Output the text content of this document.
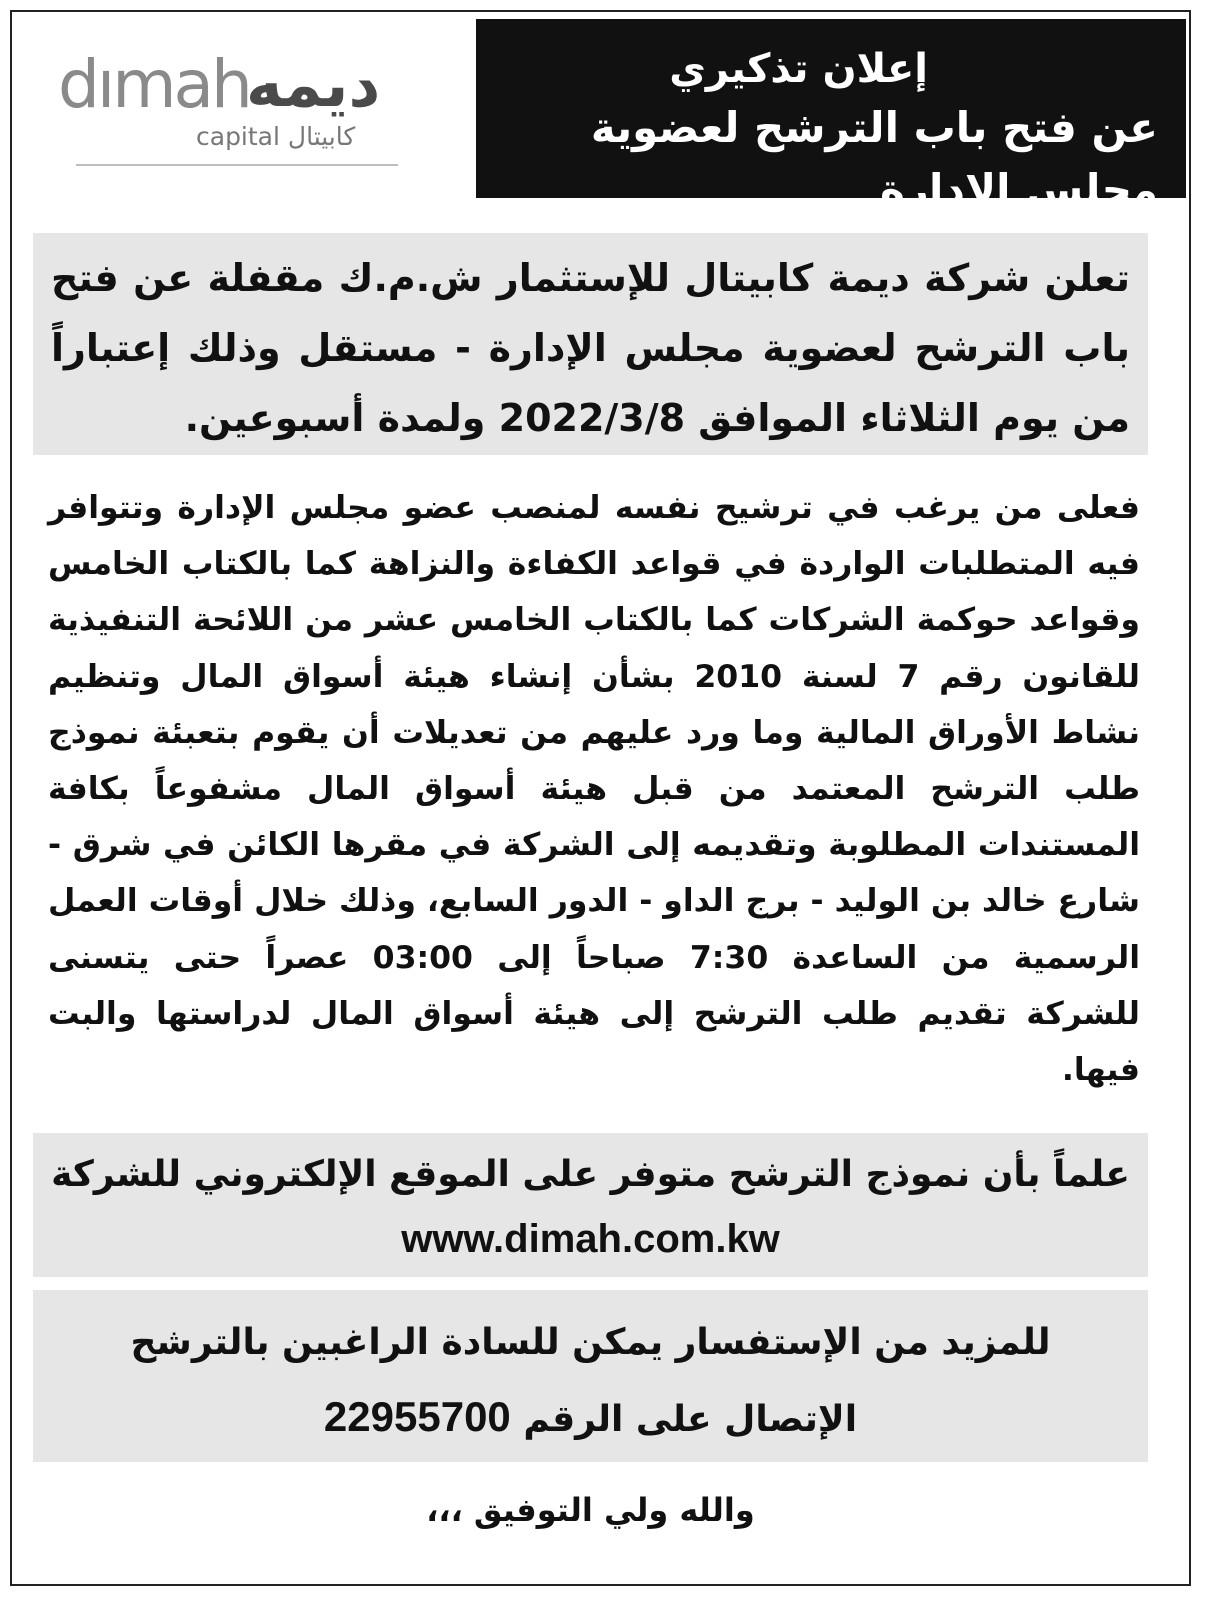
dımah
ديمه
capital كابيتال
إعلان تذكيري
عن فتح باب الترشح لعضوية مجلس الإدارة
تعلن شركة ديمة كابيتال للإستثمار ش.م.ك مقفلة عن فتح باب الترشح لعضوية مجلس الإدارة - مستقل وذلك إعتباراً من يوم الثلاثاء الموافق 2022/3/8 ولمدة أسبوعين.
فعلى من يرغب في ترشيح نفسه لمنصب عضو مجلس الإدارة وتتوافر فيه المتطلبات الواردة في قواعد الكفاءة والنزاهة كما بالكتاب الخامس وقواعد حوكمة الشركات كما بالكتاب الخامس عشر من اللائحة التنفيذية للقانون رقم 7 لسنة 2010 بشأن إنشاء هيئة أسواق المال وتنظيم نشاط الأوراق المالية وما ورد عليهم من تعديلات أن يقوم بتعبئة نموذج طلب الترشح المعتمد من قبل هيئة أسواق المال مشفوعاً بكافة المستندات المطلوبة وتقديمه إلى الشركة في مقرها الكائن في شرق - شارع خالد بن الوليد - برج الداو - الدور السابع، وذلك خلال أوقات العمل الرسمية من الساعدة 7:30 صباحاً إلى 03:00 عصراً حتى يتسنى للشركة تقديم طلب الترشح إلى هيئة أسواق المال لدراستها والبت فيها.
علماً بأن نموذج الترشح متوفر على الموقع الإلكتروني للشركة
www.dimah.com.kw
للمزيد من الإستفسار يمكن للسادة الراغبين بالترشح
الإتصال على الرقم 22955700
والله ولي التوفيق ،،،
